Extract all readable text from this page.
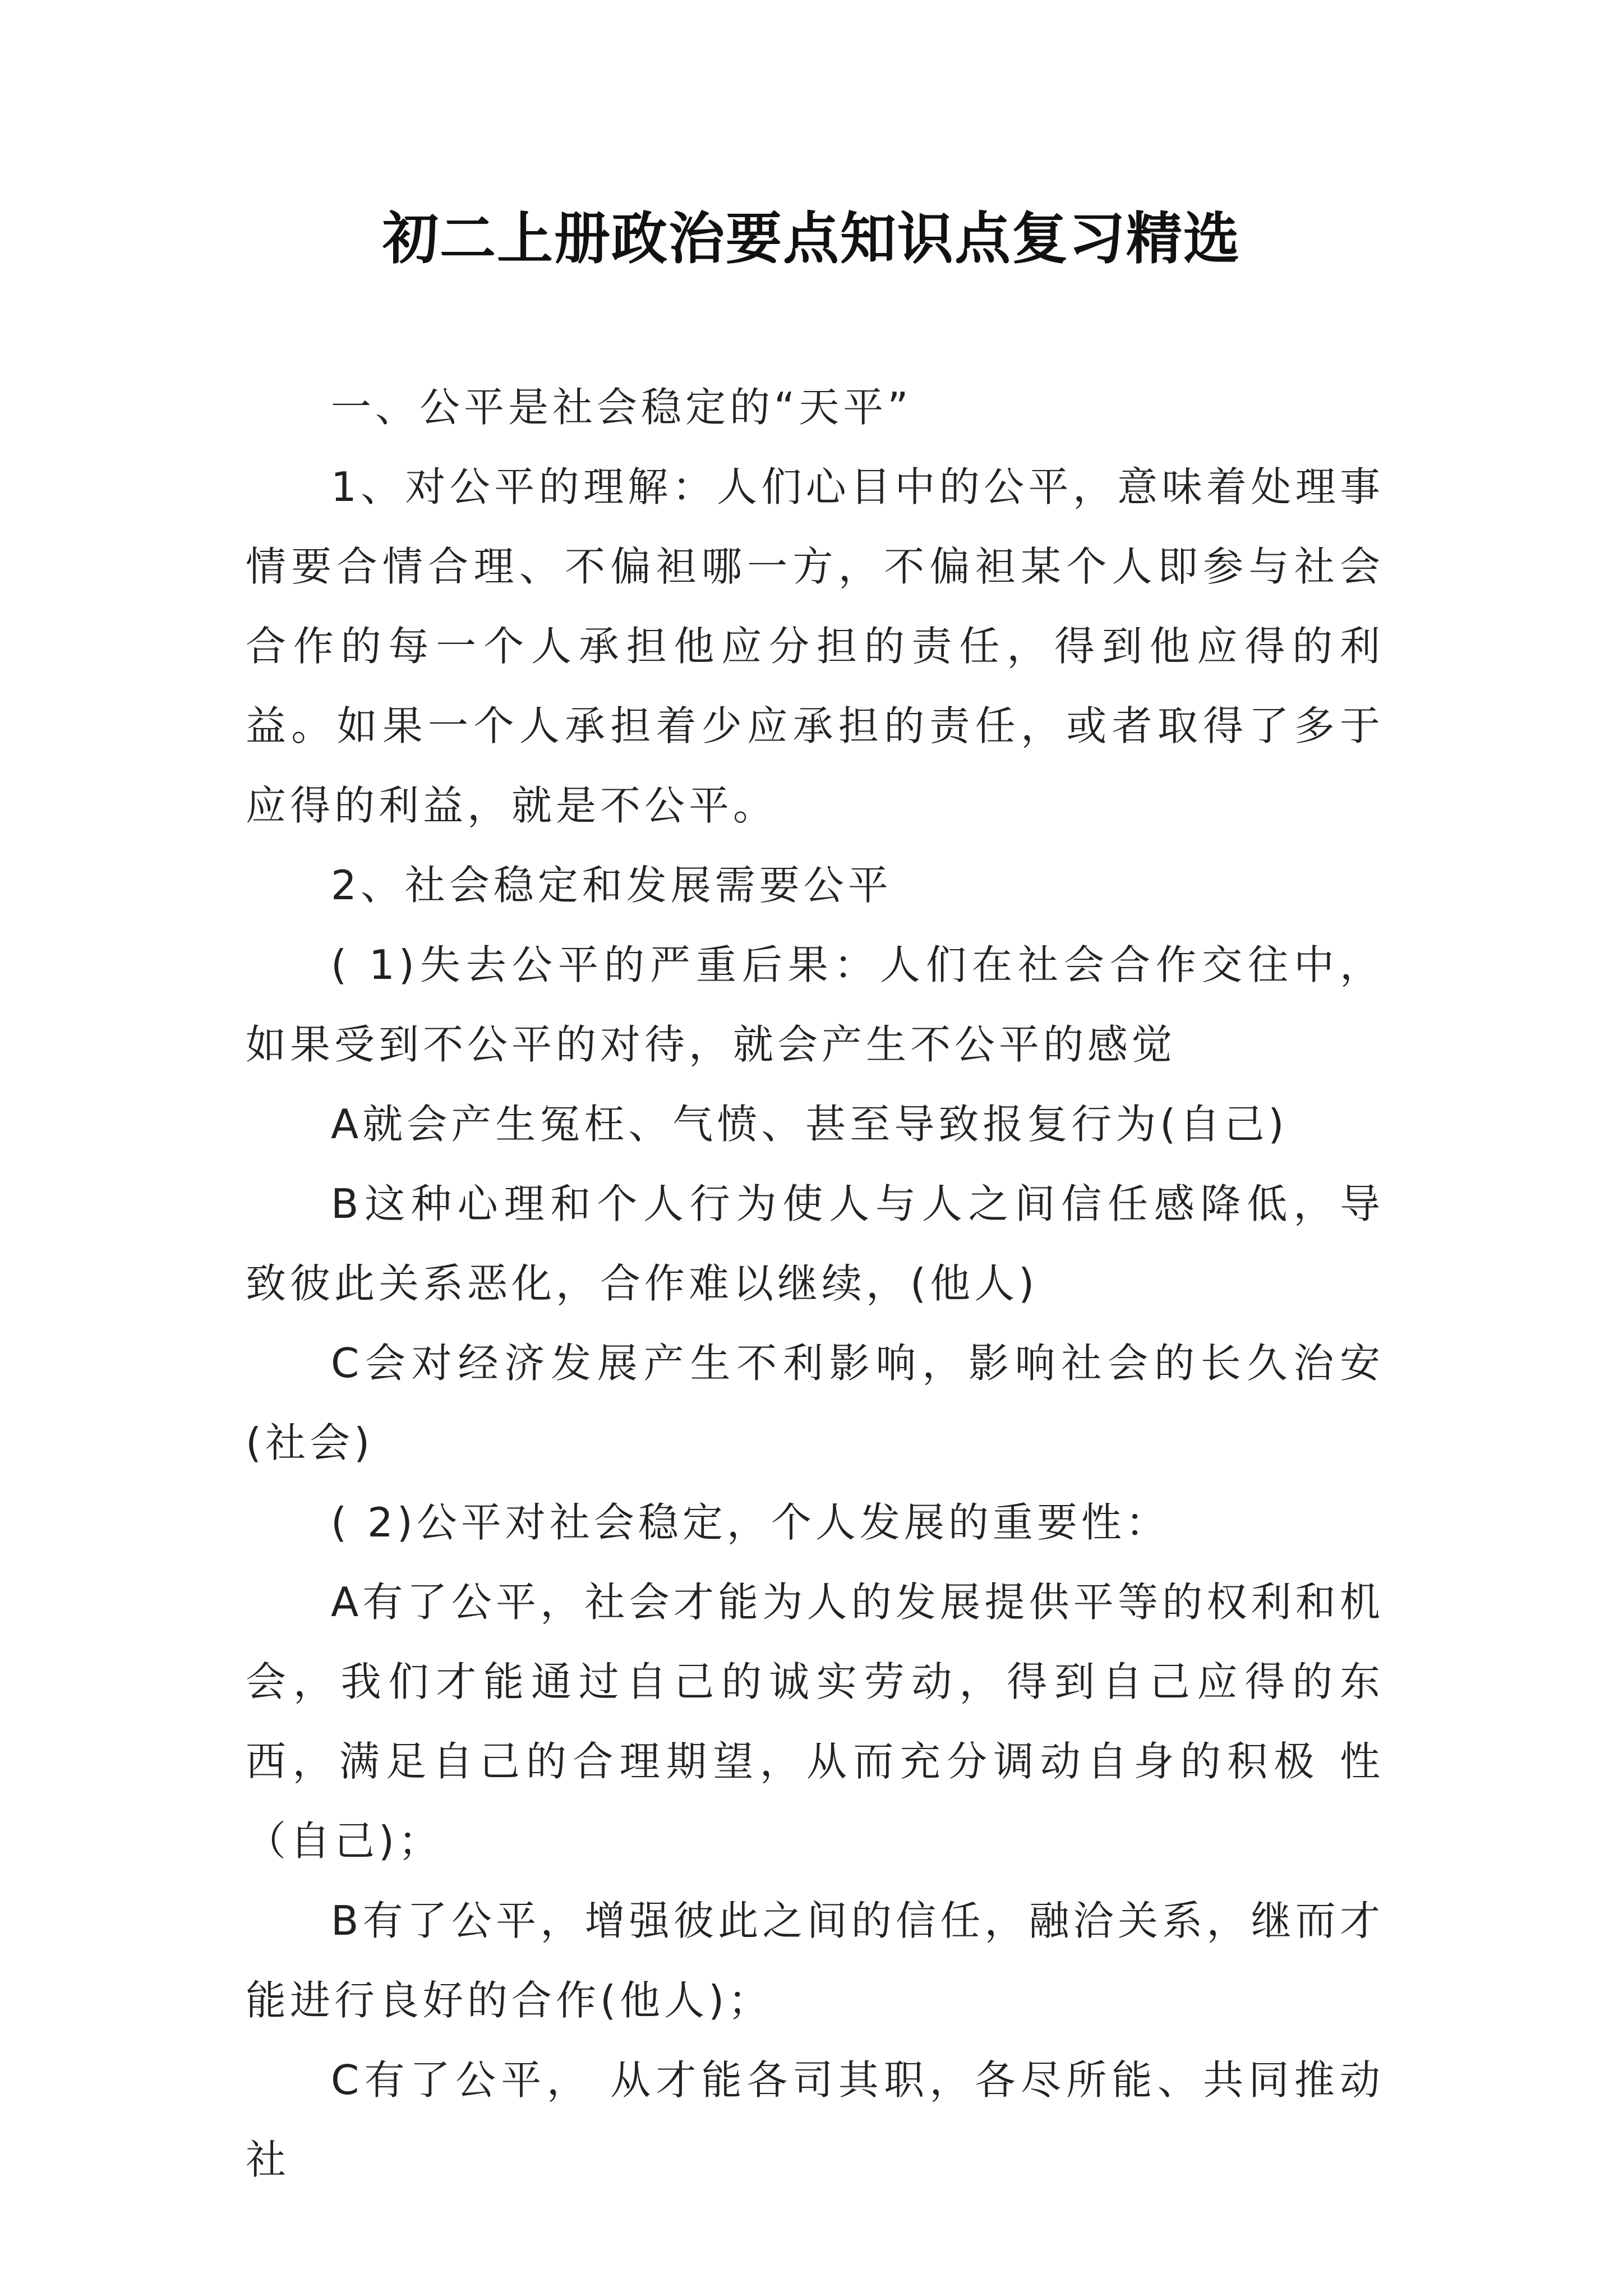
初二上册政治要点知识点复习精选

一、公平是社会稳定的“天平”

1、对公平的理解：人们心目中的公平，意味着处理事情要合情合理、不偏袒哪一方，不偏袒某个人即参与社会合作的每一个人承担他应分担的责任，得到他应得的利益。如果一个人承担着少应承担的责任，或者取得了多于应得的利益，就是不公平。

2、社会稳定和发展需要公平

( 1)失去公平的严重后果：人们在社会合作交往中，如果受到不公平的对待，就会产生不公平的感觉

A就会产生冤枉、气愤、甚至导致报复行为(自己)

B这种心理和个人行为使人与人之间信任感降低，导 致彼此关系恶化，合作难以继续，(他人)

C会对经济发展产生不利影响，影响社会的长久治安(社会)

( 2)公平对社会稳定，个人发展的重要性：

A有了公平，社会才能为人的发展提供平等的权利和机会，我们才能通过自己的诚实劳动，得到自己应得的东西，满足自己的合理期望，从而充分调动自身的积极 性 （自己)；

B有了公平，增强彼此之间的信任，融洽关系，继而才能进行良好的合作(他人)；

C有了公平， 从才能各司其职，各尽所能、共同推动社
